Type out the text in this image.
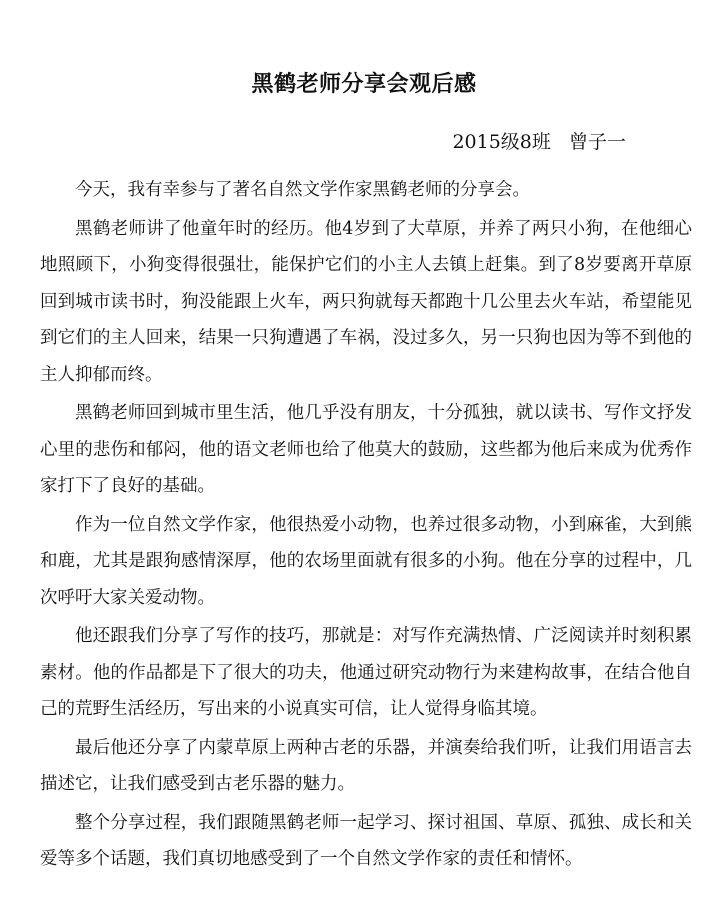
黑鹤老师分享会观后感
2015级8班   曾子一

今天，我有幸参与了著名自然文学作家黑鹤老师的分享会。

黑鹤老师讲了他童年时的经历。他4岁到了大草原，并养了两只小狗，在他细心地照顾下，小狗变得很强壮，能保护它们的小主人去镇上赶集。到了8岁要离开草原回到城市读书时，狗没能跟上火车，两只狗就每天都跑十几公里去火车站，希望能见到它们的主人回来，结果一只狗遭遇了车祸，没过多久，另一只狗也因为等不到他的主人抑郁而终。

黑鹤老师回到城市里生活，他几乎没有朋友，十分孤独，就以读书、写作文抒发心里的悲伤和郁闷，他的语文老师也给了他莫大的鼓励，这些都为他后来成为优秀作家打下了良好的基础。

作为一位自然文学作家，他很热爱小动物，也养过很多动物，小到麻雀，大到熊和鹿，尤其是跟狗感情深厚，他的农场里面就有很多的小狗。他在分享的过程中，几次呼吁大家关爱动物。

他还跟我们分享了写作的技巧，那就是：对写作充满热情、广泛阅读并时刻积累素材。他的作品都是下了很大的功夫，他通过研究动物行为来建构故事，在结合他自己的荒野生活经历，写出来的小说真实可信，让人觉得身临其境。

最后他还分享了内蒙草原上两种古老的乐器，并演奏给我们听，让我们用语言去描述它，让我们感受到古老乐器的魅力。

整个分享过程，我们跟随黑鹤老师一起学习、探讨祖国、草原、孤独、成长和关爱等多个话题，我们真切地感受到了一个自然文学作家的责任和情怀。
